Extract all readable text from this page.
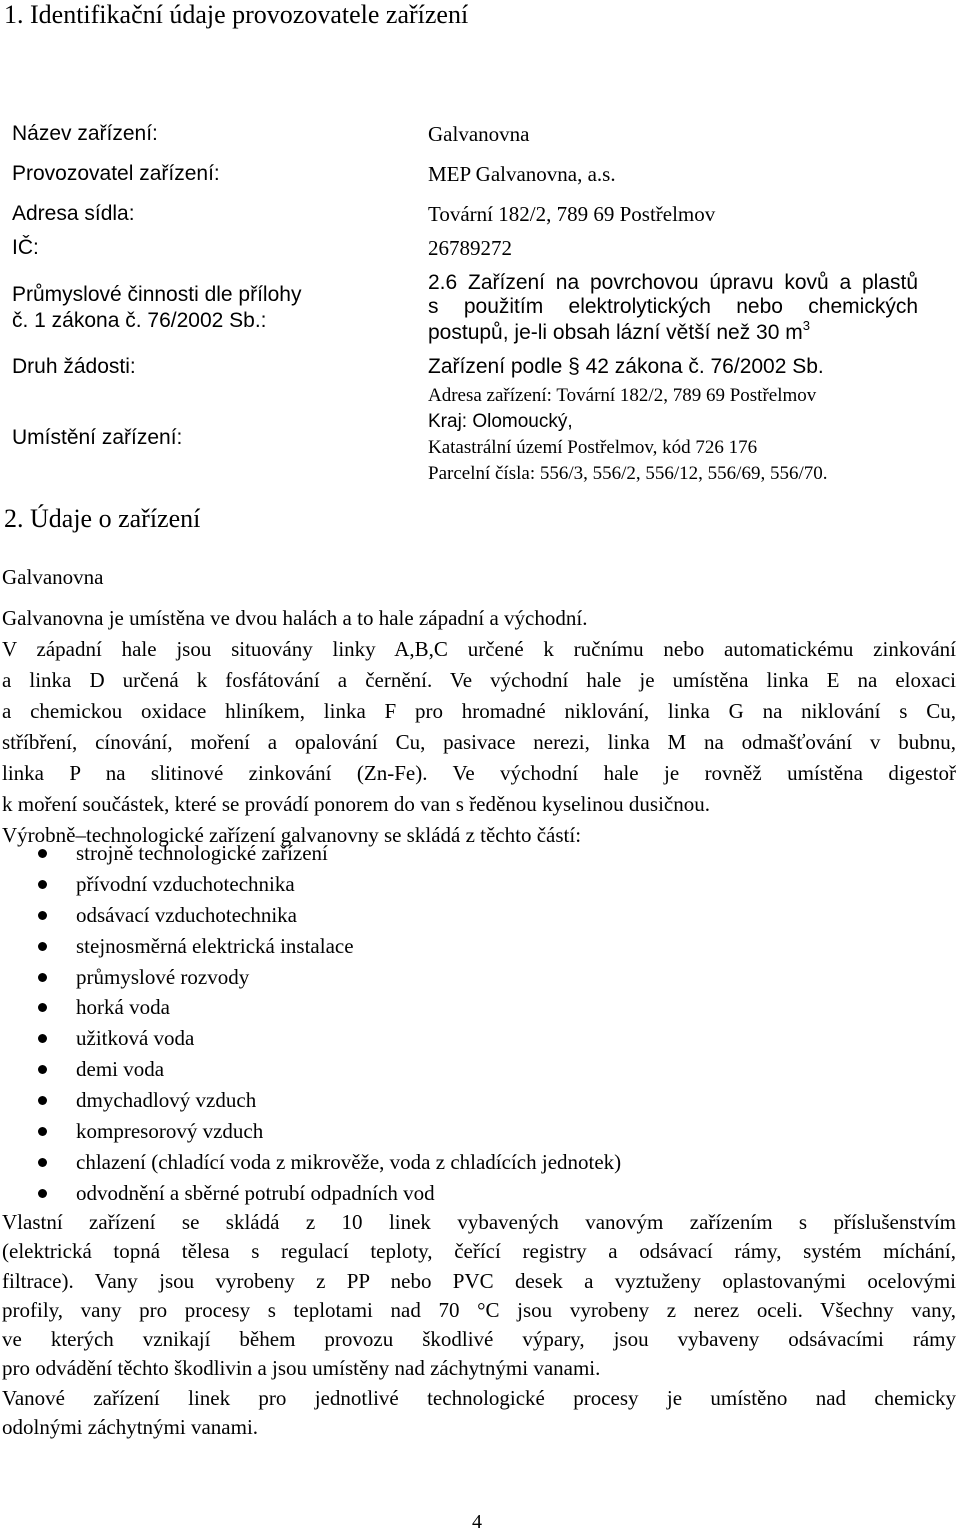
1. Identifikační údaje provozovatele zařízení
Název zařízení:	Galvanovna
Provozovatel zařízení:	MEP Galvanovna, a.s.
Adresa sídla:	Tovární 182/2, 789 69 Postřelmov
IČ:	26789272
Průmyslové činnosti dle přílohy
č. 1 zákona č. 76/2002 Sb.:
2.6 Zařízení na povrchovou úpravu kovů a plastů
s použitím elektrolytických nebo chemických
postupů, je-li obsah lázní větší než 30 $m^3$
Druh žádosti:	Zařízení podle § 42 zákona č. 76/2002 Sb.
Umístění zařízení:
Adresa zařízení: Tovární 182/2, 789 69 Postřelmov
Kraj: Olomoucký,
Katastrální území Postřelmov, kód 726 176
Parcelní čísla: 556/3, 556/2, 556/12, 556/69, 556/70.
2. Údaje o zařízení
Galvanovna
Galvanovna je umístěna ve dvou halách a to hale západní a východní.
V západní hale jsou situovány linky A,B,C určené k ručnímu nebo automatickému zinkování
a linka D určená k fosfátování a černění. Ve východní hale je umístěna linka E na eloxaci
a chemickou oxidace hliníkem, linka F pro hromadné niklování, linka G na niklování s Cu,
stříbření, cínování, moření a opalování Cu, pasivace nerezi, linka M na odmašťování v bubnu,
linka P na slitinové zinkování (Zn-Fe). Ve východní hale je rovněž umístěna digestoř
k moření součástek, které se provádí ponorem do van s ředěnou kyselinou dusičnou.
Výrobně–technologické zařízení galvanovny se skládá z těchto částí:
strojně technologické zařízení
přívodní vzduchotechnika
odsávací vzduchotechnika
stejnosměrná elektrická instalace
průmyslové rozvody
horká voda
užitková voda
demi voda
dmychadlový vzduch
kompresorový vzduch
chlazení (chladící voda z mikrověže, voda z chladících jednotek)
odvodnění a sběrné potrubí odpadních vod
Vlastní zařízení se skládá z 10 linek vybavených vanovým zařízením s příslušenstvím
(elektrická topná tělesa s regulací teploty, čeřící registry a odsávací rámy, systém míchání,
filtrace). Vany jsou vyrobeny z PP nebo PVC desek a vyztuženy oplastovanými ocelovými
profily, vany pro procesy s teplotami nad 70 °C jsou vyrobeny z nerez oceli. Všechny vany,
ve kterých vznikají během provozu škodlivé výpary, jsou vybaveny odsávacími rámy
pro odvádění těchto škodlivin a jsou umístěny nad záchytnými vanami.
Vanové zařízení linek pro jednotlivé technologické procesy je umístěno nad chemicky
odolnými záchytnými vanami.
4
